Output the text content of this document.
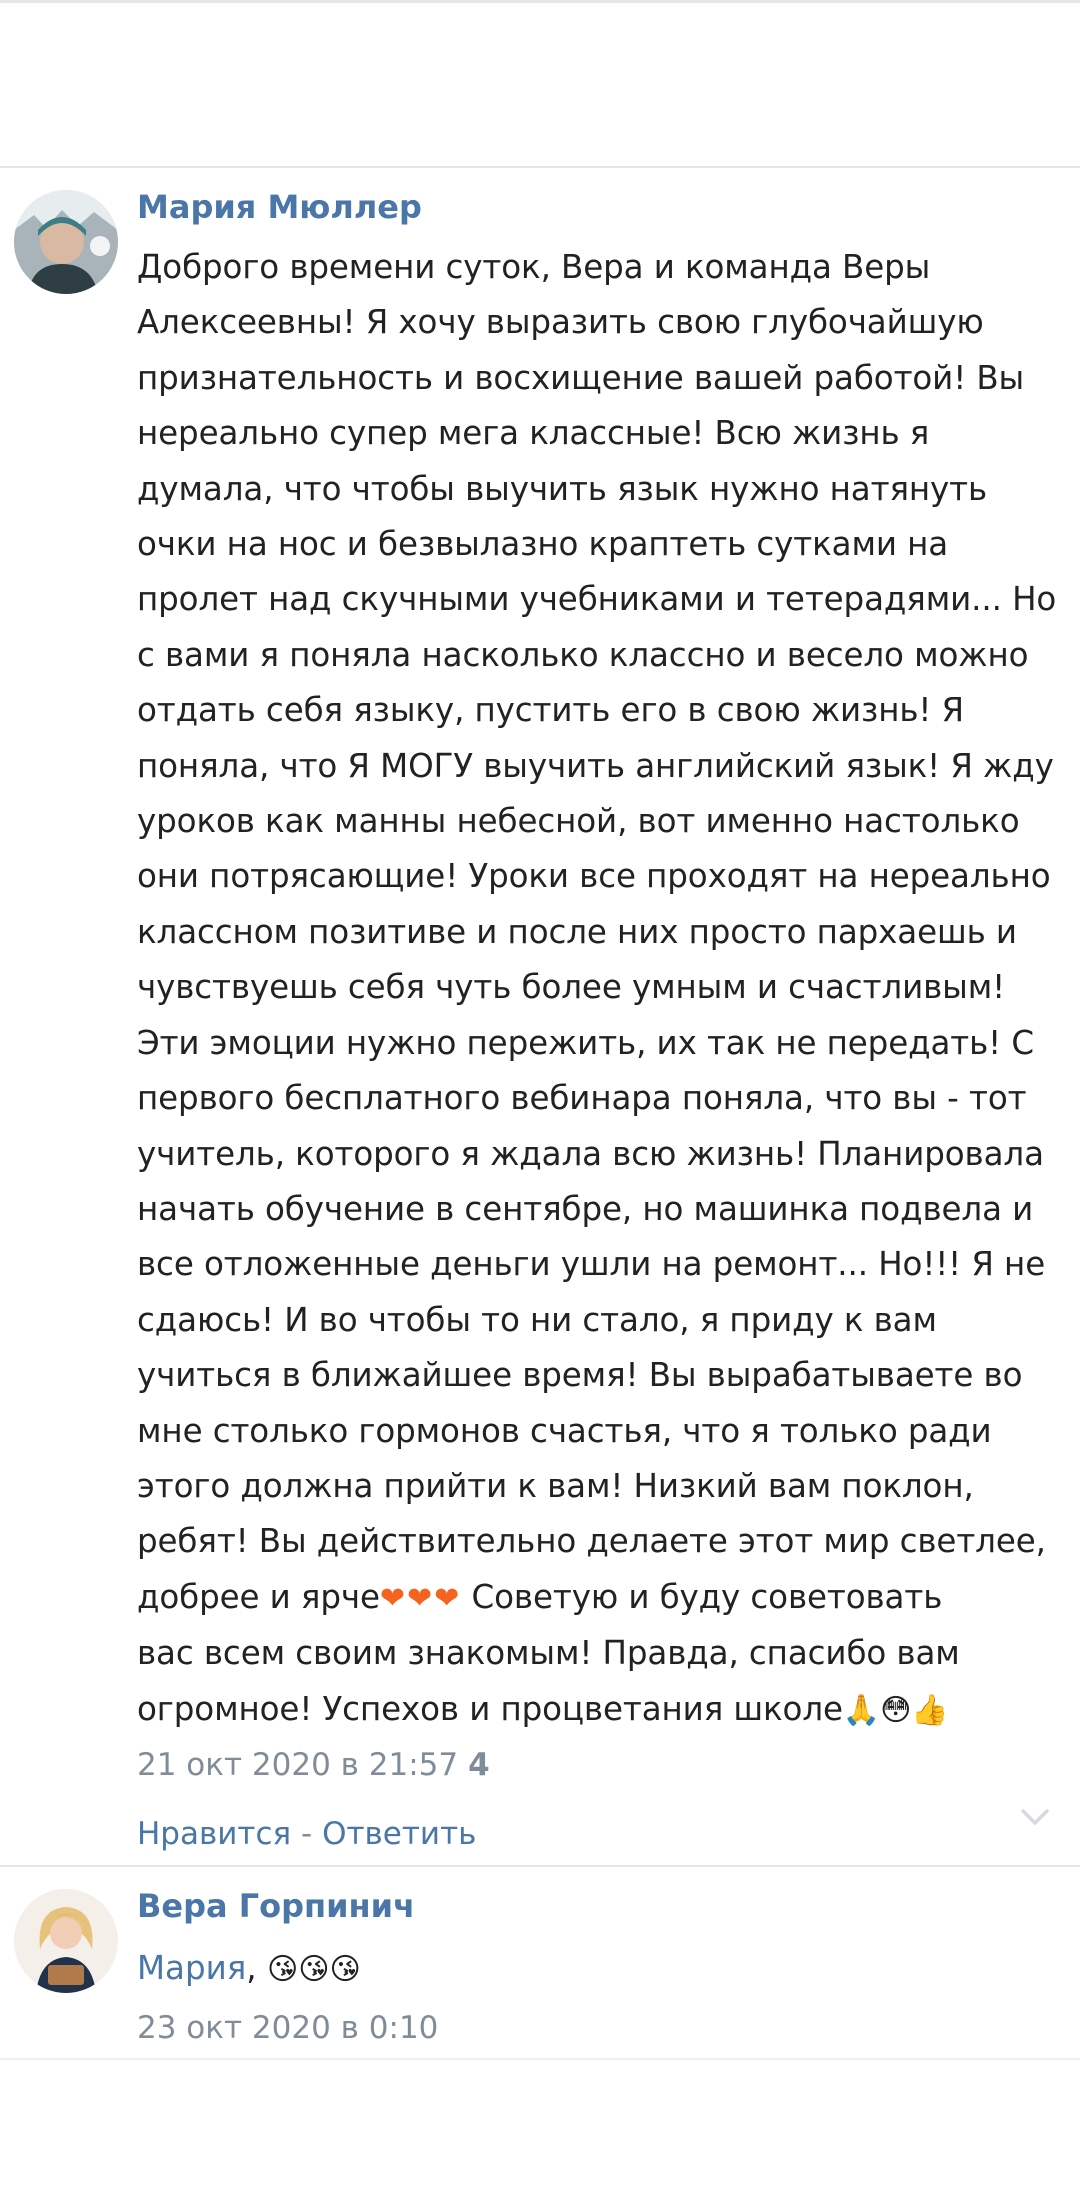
Мария Мюллер
Доброго времени суток, Вера и команда Веры
Алексеевны! Я хочу выразить свою глубочайшую
признательность и восхищение вашей работой! Вы
нереально супер мега классные! Всю жизнь я
думала, что чтобы выучить язык нужно натянуть
очки на нос и безвылазно краптеть сутками на
пролет над скучными учебниками и тетерадями... Но
с вами я поняла насколько классно и весело можно
отдать себя языку, пустить его в свою жизнь! Я
поняла, что Я МОГУ выучить английский язык! Я жду
уроков как манны небесной, вот именно настолько
они потрясающие! Уроки все проходят на нереально
классном позитиве и после них просто пархаешь и
чувствуешь себя чуть более умным и счастливым!
Эти эмоции нужно пережить, их так не передать! С
первого бесплатного вебинара поняла, что вы - тот
учитель, которого я ждала всю жизнь! Планировала
начать обучение в сентябре, но машинка подвела и
все отложенные деньги ушли на ремонт... Но!!! Я не
сдаюсь! И во чтобы то ни стало, я приду к вам
учиться в ближайшее время! Вы вырабатываете во
мне столько гормонов счастья, что я только ради
этого должна прийти к вам! Низкий вам поклон,
ребят! Вы действительно делаете этот мир светлее,
добрее и ярче❤❤❤ Советую и буду советовать
вас всем своим знакомым! Правда, спасибо вам
огромное! Успехов и процветания школе🙏😳👍
21 окт 2020 в 21:57 4
Нравится - Ответить
Вера Горпинич
Мария, 😘😘😘
23 окт 2020 в 0:10
